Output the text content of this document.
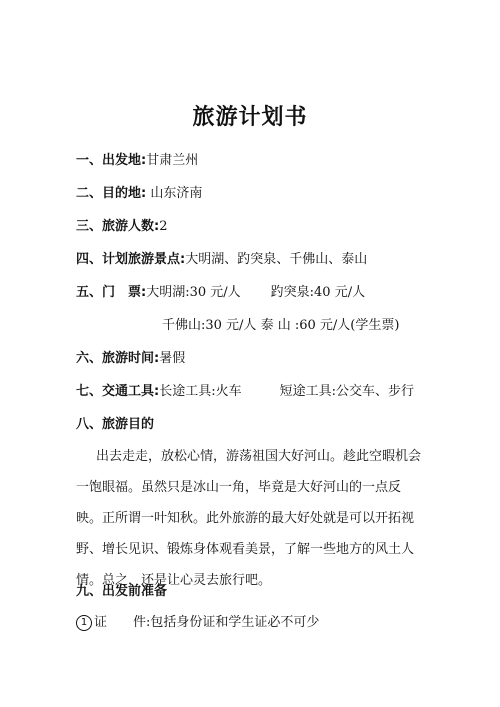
旅游计划书
一、出发地:甘肃兰州
二、目的地: 山东济南
三、旅游人数:2
四、计划旅游景点:大明湖、趵突泉、千佛山、泰山
五、门　票:大明湖:30 元/人 趵突泉:40 元/人
千佛山:30 元/人 泰 山 :60 元/人(学生票)
六、旅游时间:暑假
七、交通工具:长途工具:火车	短途工具:公交车、步行
八、旅游目的
出去走走，放松心情，游荡祖国大好河山。趁此空暇机会一饱眼福。虽然只是冰山一角，毕竟是大好河山的一点反映。正所谓一叶知秋。此外旅游的最大好处就是可以开拓视野、增长见识、锻炼身体观看美景，了解一些地方的风土人情。总之，还是让心灵去旅行吧。
九、出发前准备
1 证　　件:包括身份证和学生证必不可少
